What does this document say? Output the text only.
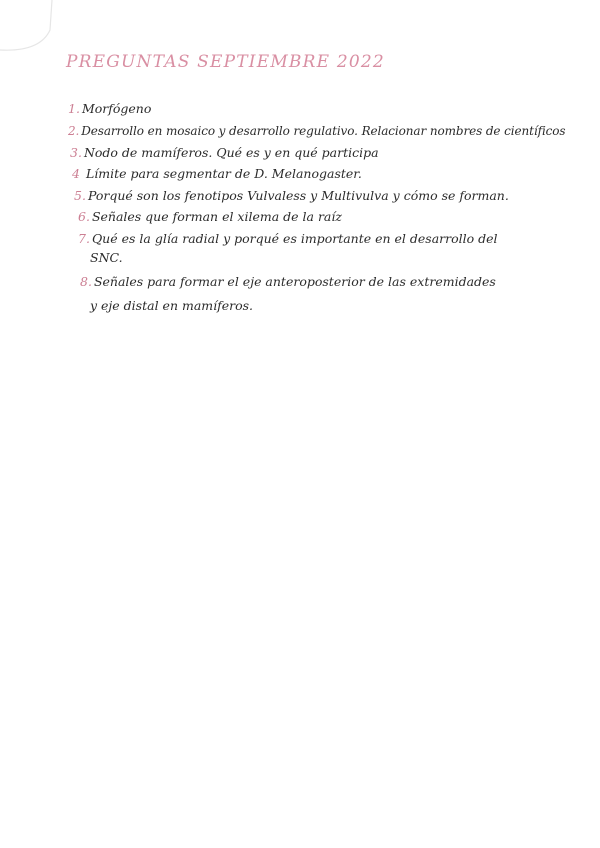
PREGUNTAS SEPTIEMBRE 2022
1. Morfógeno
2. Desarrollo en mosaico y desarrollo regulativo. Relacionar nombres de científicos
3. Nodo de mamíferos. Qué es y en qué participa
4 Límite para segmentar de D. Melanogaster.
5. Porqué son los fenotipos Vulvaless y Multivulva y cómo se forman.
6. Señales que forman el xilema de la raíz
7. Qué es la glía radial y porqué es importante en el desarrollo del
SNC.
8. Señales para formar el eje anteroposterior de las extremidades
y eje distal en mamíferos.
